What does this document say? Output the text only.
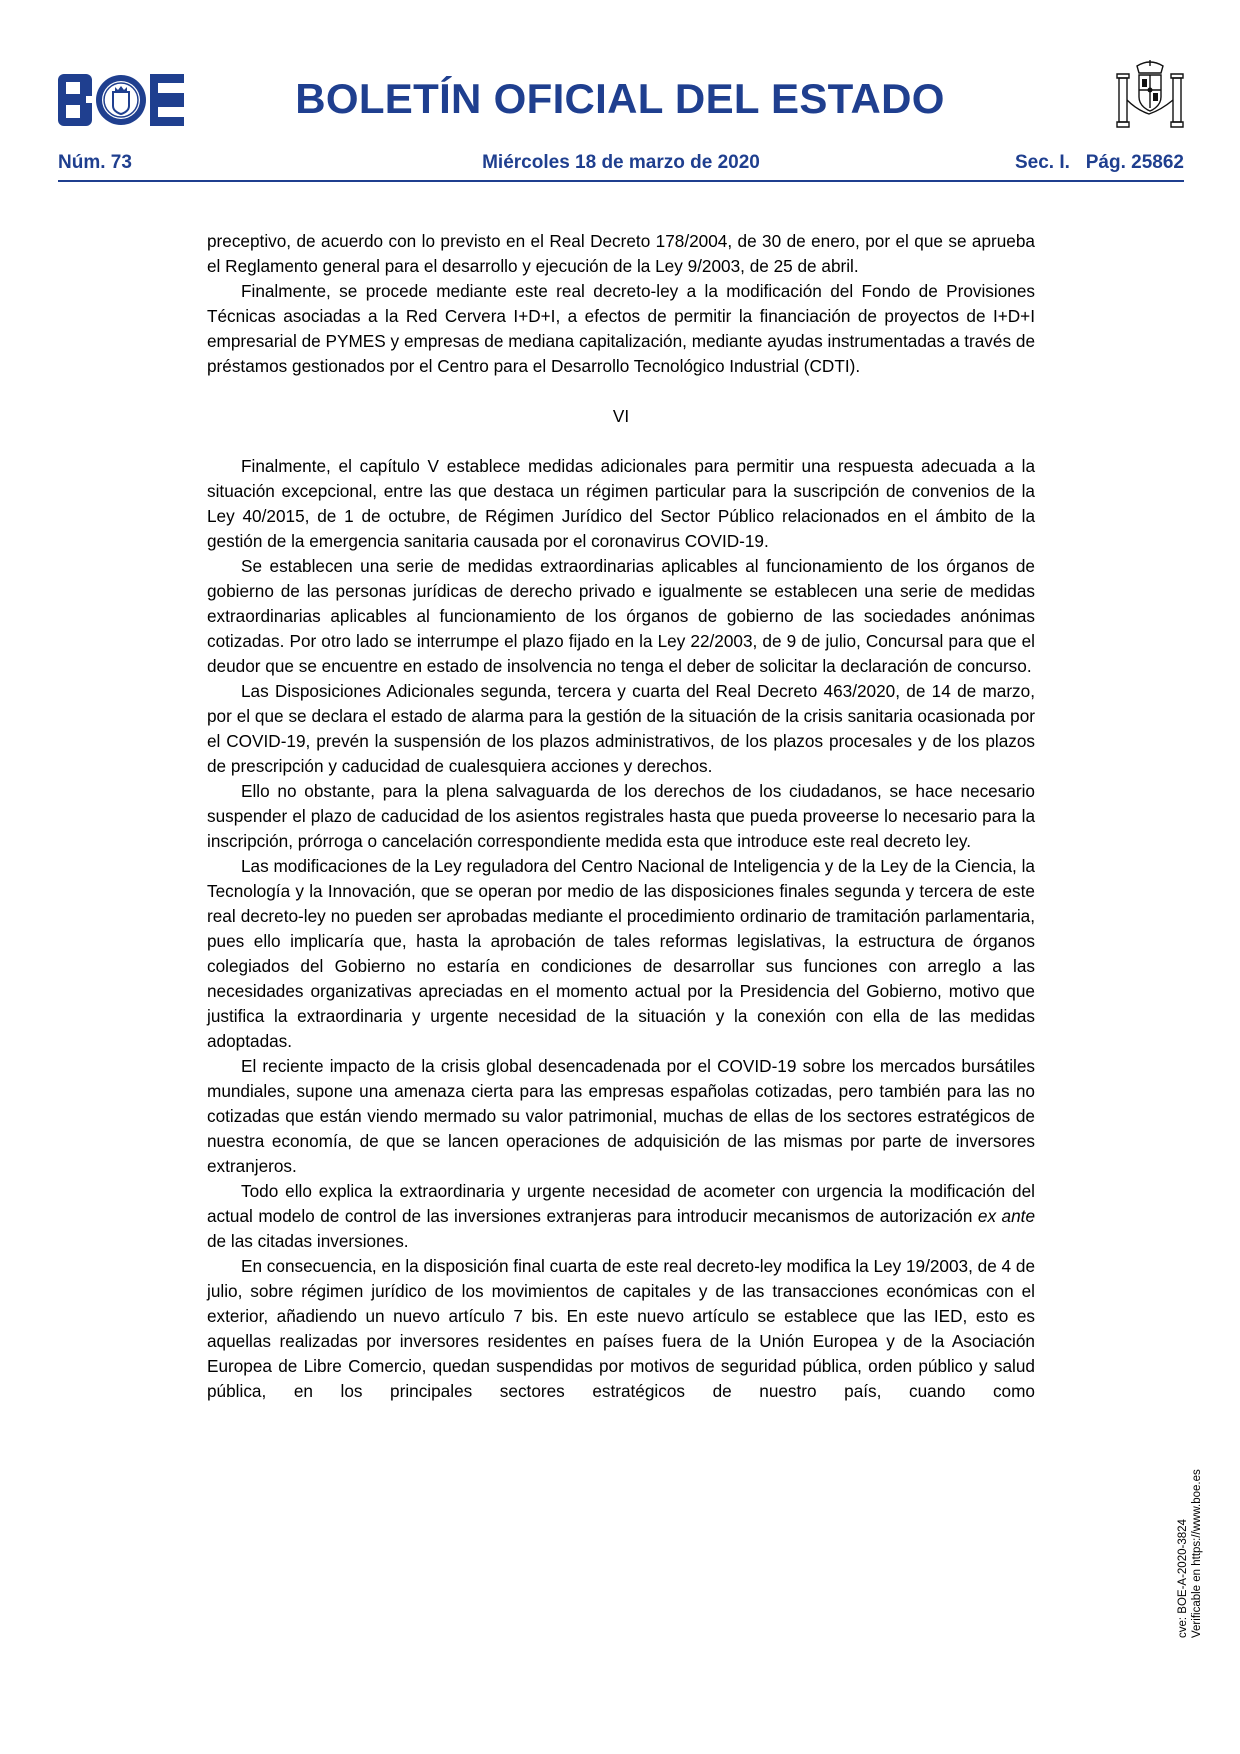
BOLETÍN OFICIAL DEL ESTADO
Núm. 73	Miércoles 18 de marzo de 2020	Sec. I.   Pág. 25862

preceptivo, de acuerdo con lo previsto en el Real Decreto 178/2004, de 30 de enero, por el que se aprueba el Reglamento general para el desarrollo y ejecución de la Ley 9/2003, de 25 de abril.

Finalmente, se procede mediante este real decreto-ley a la modificación del Fondo de Provisiones Técnicas asociadas a la Red Cervera I+D+I, a efectos de permitir la financiación de proyectos de I+D+I empresarial de PYMES y empresas de mediana capitalización, mediante ayudas instrumentadas a través de préstamos gestionados por el Centro para el Desarrollo Tecnológico Industrial (CDTI).

VI

Finalmente, el capítulo V establece medidas adicionales para permitir una respuesta adecuada a la situación excepcional, entre las que destaca un régimen particular para la suscripción de convenios de la Ley 40/2015, de 1 de octubre, de Régimen Jurídico del Sector Público relacionados en el ámbito de la gestión de la emergencia sanitaria causada por el coronavirus COVID-19.

Se establecen una serie de medidas extraordinarias aplicables al funcionamiento de los órganos de gobierno de las personas jurídicas de derecho privado e igualmente se establecen una serie de medidas extraordinarias aplicables al funcionamiento de los órganos de gobierno de las sociedades anónimas cotizadas. Por otro lado se interrumpe el plazo fijado en la Ley 22/2003, de 9 de julio, Concursal para que el deudor que se encuentre en estado de insolvencia no tenga el deber de solicitar la declaración de concurso.

Las Disposiciones Adicionales segunda, tercera y cuarta del Real Decreto 463/2020, de 14 de marzo, por el que se declara el estado de alarma para la gestión de la situación de la crisis sanitaria ocasionada por el COVID-19, prevén la suspensión de los plazos administrativos, de los plazos procesales y de los plazos de prescripción y caducidad de cualesquiera acciones y derechos.

Ello no obstante, para la plena salvaguarda de los derechos de los ciudadanos, se hace necesario suspender el plazo de caducidad de los asientos registrales hasta que pueda proveerse lo necesario para la inscripción, prórroga o cancelación correspondiente medida esta que introduce este real decreto ley.

Las modificaciones de la Ley reguladora del Centro Nacional de Inteligencia y de la Ley de la Ciencia, la Tecnología y la Innovación, que se operan por medio de las disposiciones finales segunda y tercera de este real decreto-ley no pueden ser aprobadas mediante el procedimiento ordinario de tramitación parlamentaria, pues ello implicaría que, hasta la aprobación de tales reformas legislativas, la estructura de órganos colegiados del Gobierno no estaría en condiciones de desarrollar sus funciones con arreglo a las necesidades organizativas apreciadas en el momento actual por la Presidencia del Gobierno, motivo que justifica la extraordinaria y urgente necesidad de la situación y la conexión con ella de las medidas adoptadas.

El reciente impacto de la crisis global desencadenada por el COVID-19 sobre los mercados bursátiles mundiales, supone una amenaza cierta para las empresas españolas cotizadas, pero también para las no cotizadas que están viendo mermado su valor patrimonial, muchas de ellas de los sectores estratégicos de nuestra economía, de que se lancen operaciones de adquisición de las mismas por parte de inversores extranjeros.

Todo ello explica la extraordinaria y urgente necesidad de acometer con urgencia la modificación del actual modelo de control de las inversiones extranjeras para introducir mecanismos de autorización ex ante de las citadas inversiones.

En consecuencia, en la disposición final cuarta de este real decreto-ley modifica la Ley 19/2003, de 4 de julio, sobre régimen jurídico de los movimientos de capitales y de las transacciones económicas con el exterior, añadiendo un nuevo artículo 7 bis. En este nuevo artículo se establece que las IED, esto es aquellas realizadas por inversores residentes en países fuera de la Unión Europea y de la Asociación Europea de Libre Comercio, quedan suspendidas por motivos de seguridad pública, orden público y salud pública, en los principales sectores estratégicos de nuestro país, cuando como

cve: BOE-A-2020-3824 Verificable en https://www.boe.es
